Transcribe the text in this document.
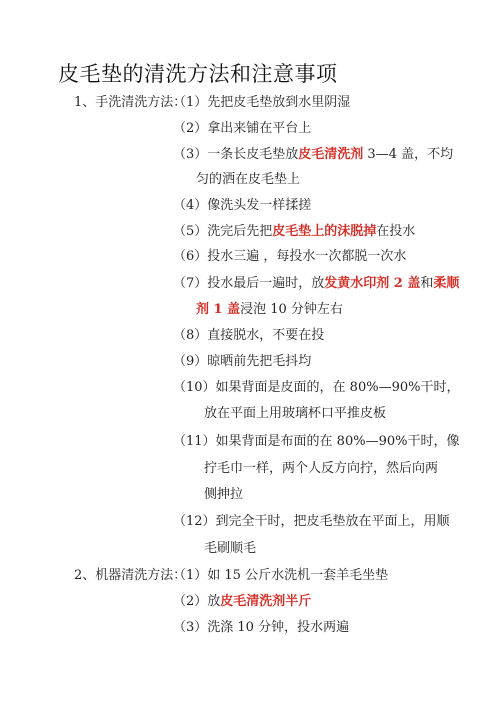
皮毛垫的清洗方法和注意事项
1、手洗清洗方法：
（1）先把皮毛垫放到水里阴湿
（2）拿出来铺在平台上
（3）一条长皮毛垫放皮毛清洗剂 3—4 盖，不均
匀的洒在皮毛垫上
（4）像洗头发一样揉搓
（5）洗完后先把皮毛垫上的沫脱掉在投水
（6）投水三遍 ，每投水一次都脱一次水
（7）投水最后一遍时，放发黄水印剂 2 盖和柔顺
剂 1 盖浸泡 10 分钟左右
（8）直接脱水，不要在投
（9）晾晒前先把毛抖均
（10）如果背面是皮面的，在 80%—90%干时，
放在平面上用玻璃杯口平推皮板
（11）如果背面是布面的在 80%—90%干时，像
拧毛巾一样，两个人反方向拧，然后向两
侧抻拉
（12）到完全干时，把皮毛垫放在平面上，用顺
毛刷顺毛
2、机器清洗方法：
（1）如 15 公斤水洗机一套羊毛坐垫
（2）放皮毛清洗剂半斤
（3）洗涤 10 分钟，投水两遍
